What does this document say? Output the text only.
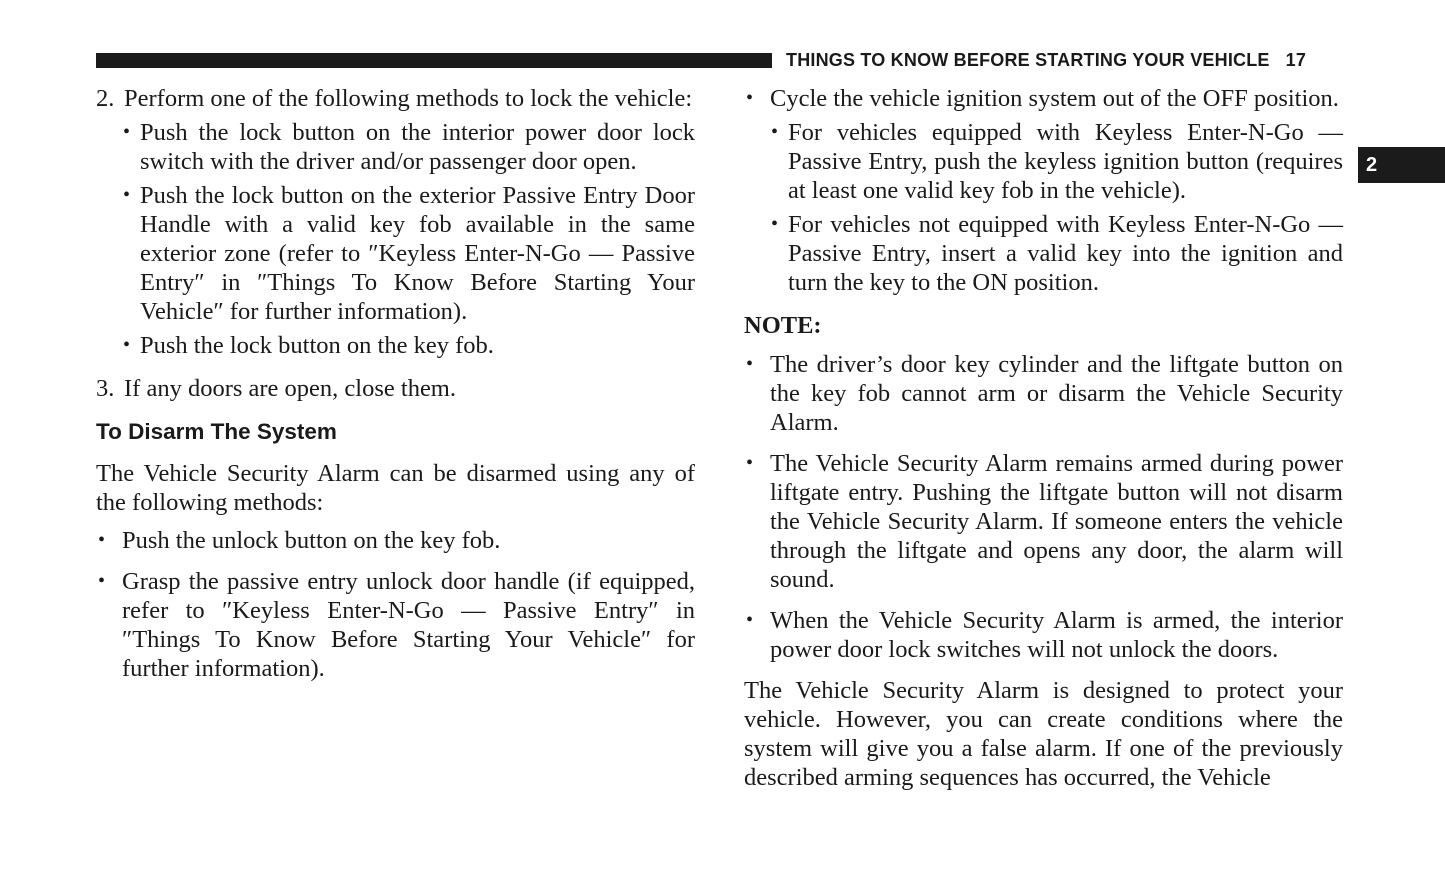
THINGS TO KNOW BEFORE STARTING YOUR VEHICLE 17
2

2. Perform one of the following methods to lock the vehicle:

• Push the lock button on the interior power door lock switch with the driver and/or passenger door open.

• Push the lock button on the exterior Passive Entry Door Handle with a valid key fob available in the same exterior zone (refer to ″Keyless Enter-N-Go — Passive Entry″ in ″Things To Know Before Starting Your Vehicle″ for further information).

• Push the lock button on the key fob.

3. If any doors are open, close them.

To Disarm The System

The Vehicle Security Alarm can be disarmed using any of the following methods:

• Push the unlock button on the key fob.

• Grasp the passive entry unlock door handle (if equipped, refer to ″Keyless Enter-N-Go — Passive Entry″ in ″Things To Know Before Starting Your Vehicle″ for further information).

• Cycle the vehicle ignition system out of the OFF position.

• For vehicles equipped with Keyless Enter-N-Go — Passive Entry, push the keyless ignition button (requires at least one valid key fob in the vehicle).

• For vehicles not equipped with Keyless Enter-N-Go — Passive Entry, insert a valid key into the ignition and turn the key to the ON position.

NOTE:

• The driver’s door key cylinder and the liftgate button on the key fob cannot arm or disarm the Vehicle Security Alarm.

• The Vehicle Security Alarm remains armed during power liftgate entry. Pushing the liftgate button will not disarm the Vehicle Security Alarm. If someone enters the vehicle through the liftgate and opens any door, the alarm will sound.

• When the Vehicle Security Alarm is armed, the interior power door lock switches will not unlock the doors.

The Vehicle Security Alarm is designed to protect your vehicle. However, you can create conditions where the system will give you a false alarm. If one of the previously described arming sequences has occurred, the Vehicle
